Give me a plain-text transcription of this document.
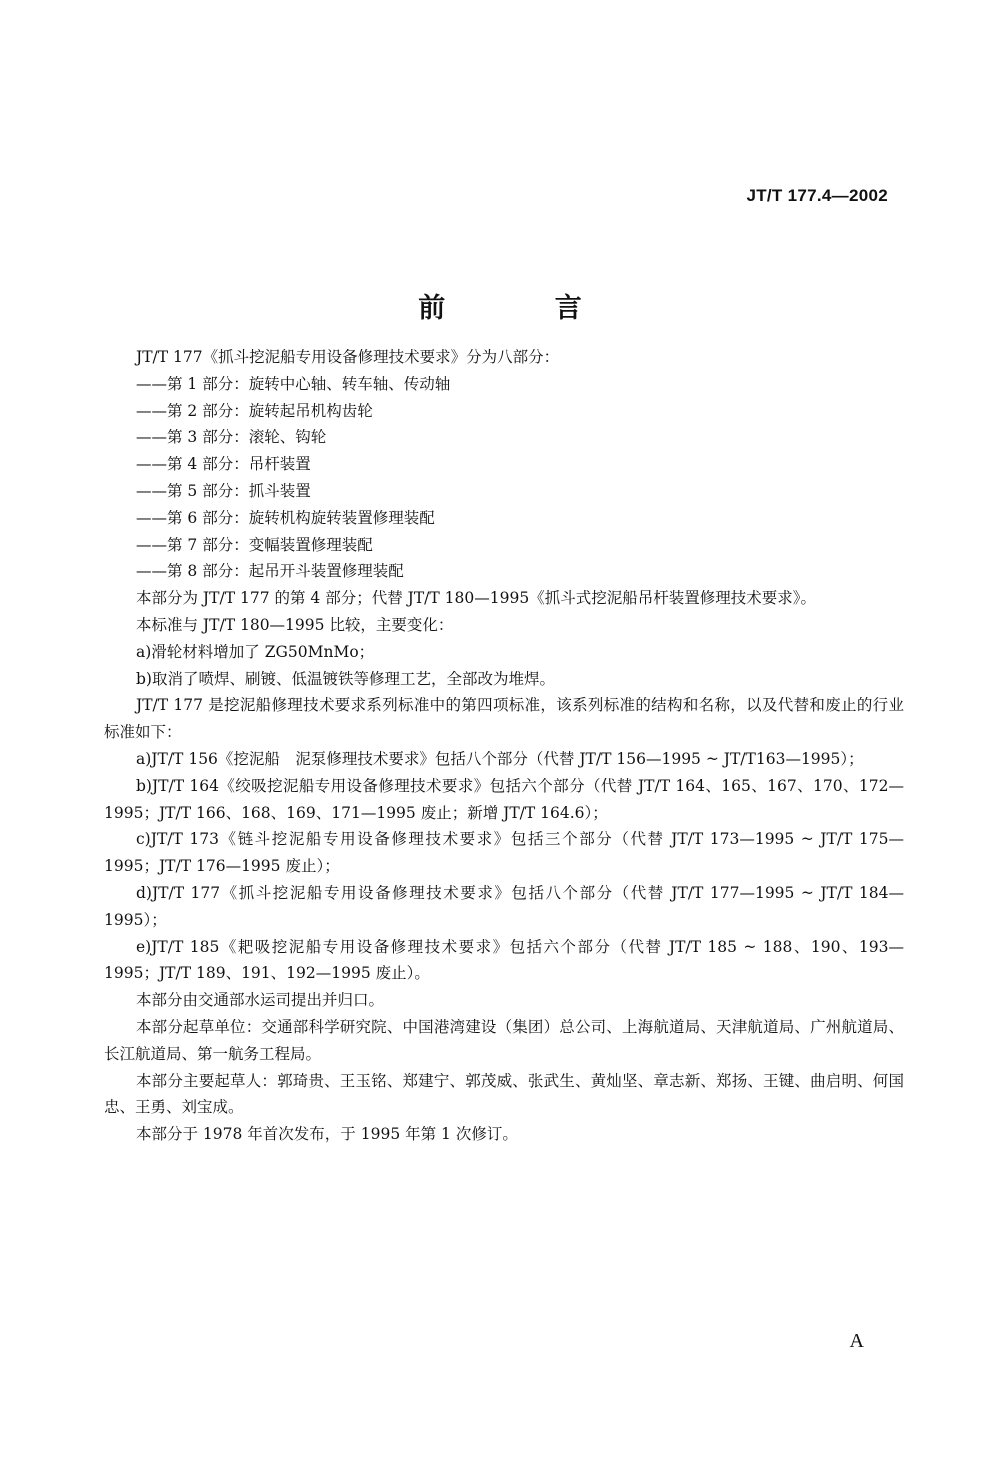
JT/T 177.4—2002
前 言

JT/T 177《抓斗挖泥船专用设备修理技术要求》分为八部分：

——第 1 部分：旋转中心轴、转车轴、传动轴

——第 2 部分：旋转起吊机构齿轮

——第 3 部分：滚轮、钩轮

——第 4 部分：吊杆装置

——第 5 部分：抓斗装置

——第 6 部分：旋转机构旋转装置修理装配

——第 7 部分：变幅装置修理装配

——第 8 部分：起吊开斗装置修理装配

本部分为 JT/T 177 的第 4 部分；代替 JT/T 180—1995《抓斗式挖泥船吊杆装置修理技术要求》。

本标准与 JT/T 180—1995 比较，主要变化：

a)滑轮材料增加了 ZG50MnMo；

b)取消了喷焊、刷镀、低温镀铁等修理工艺，全部改为堆焊。

JT/T 177 是挖泥船修理技术要求系列标准中的第四项标准，该系列标准的结构和名称，以及代替和废止的行业标准如下：

a)JT/T 156《挖泥船　泥泵修理技术要求》包括八个部分（代替 JT/T 156—1995 ~ JT/T163—1995）；

b)JT/T 164《绞吸挖泥船专用设备修理技术要求》包括六个部分（代替 JT/T 164、165、167、170、172—1995；JT/T 166、168、169、171—1995 废止；新增 JT/T 164.6）；

c)JT/T 173《链斗挖泥船专用设备修理技术要求》包括三个部分（代替 JT/T 173—1995 ~ JT/T 175—1995；JT/T 176—1995 废止）；

d)JT/T 177《抓斗挖泥船专用设备修理技术要求》包括八个部分（代替 JT/T 177—1995 ~ JT/T 184—1995）；

e)JT/T 185《耙吸挖泥船专用设备修理技术要求》包括六个部分（代替 JT/T 185 ~ 188、190、193—1995；JT/T 189、191、192—1995 废止）。

本部分由交通部水运司提出并归口。

本部分起草单位：交通部科学研究院、中国港湾建设（集团）总公司、上海航道局、天津航道局、广州航道局、长江航道局、第一航务工程局。

本部分主要起草人：郭琦贵、王玉铭、郑建宁、郭茂威、张武生、黄灿坚、章志新、郑扬、王键、曲启明、何国忠、王勇、刘宝成。

本部分于 1978 年首次发布，于 1995 年第 1 次修订。

A
